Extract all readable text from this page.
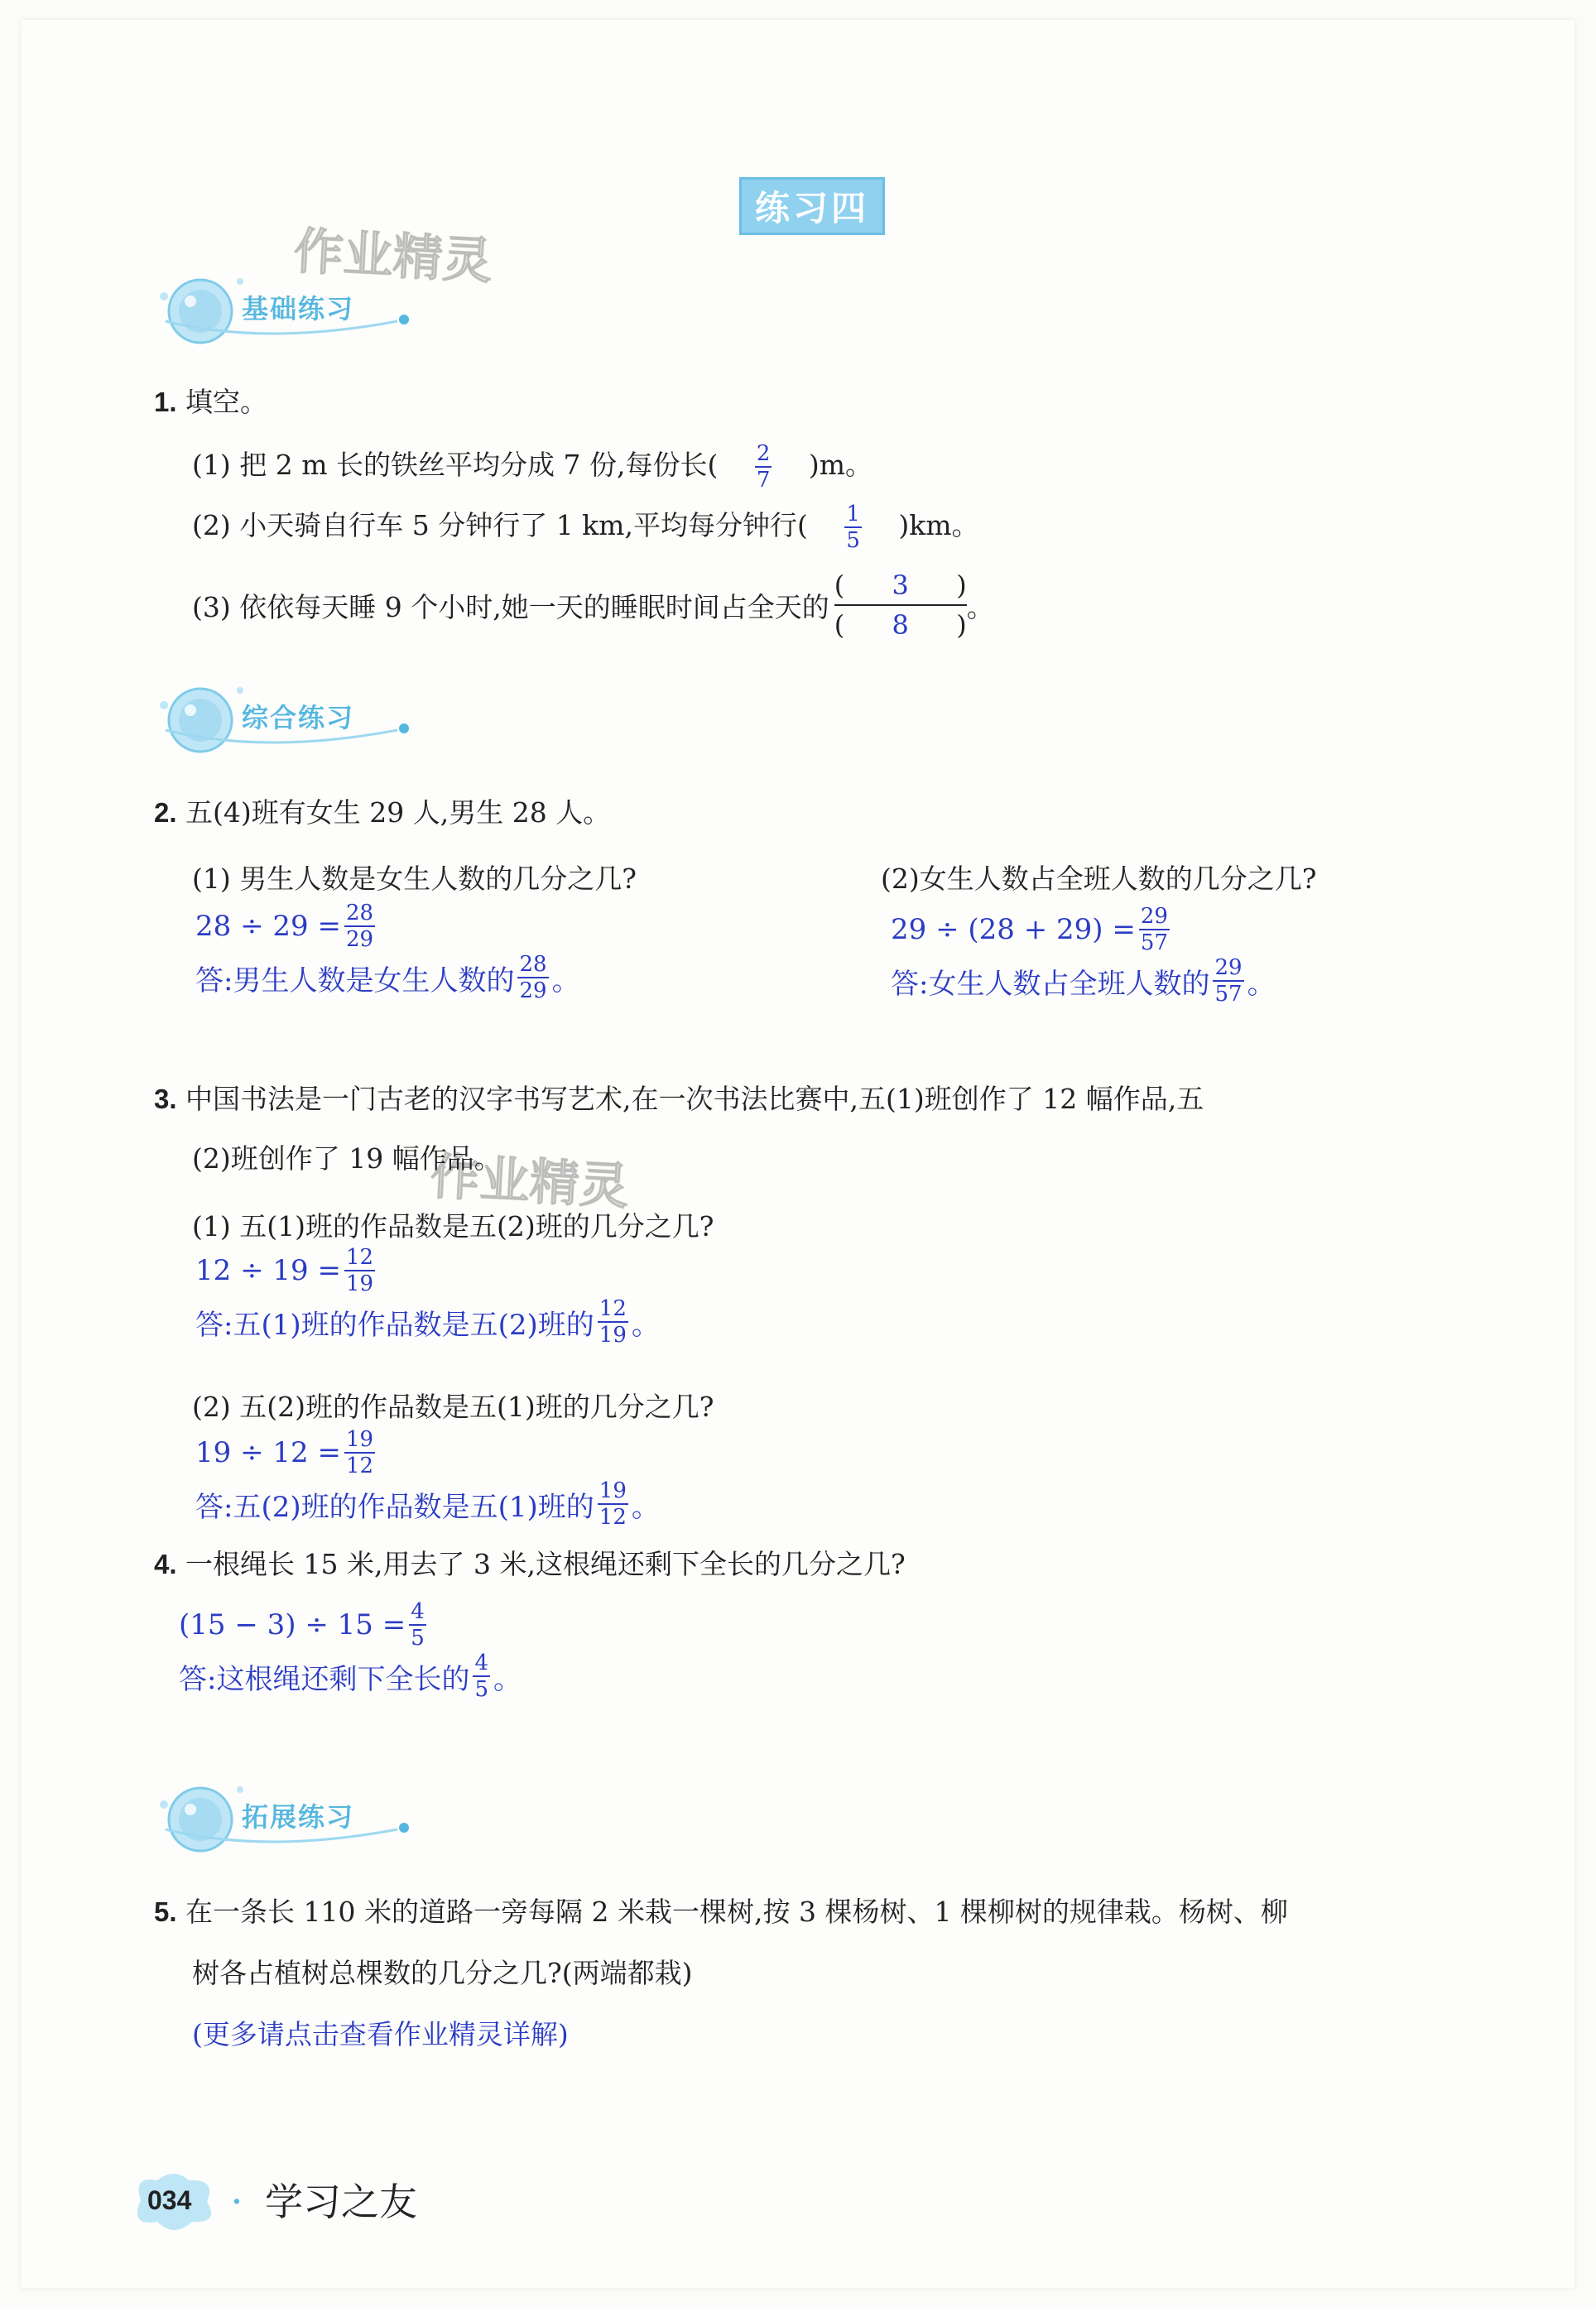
练习四
作业精灵
作业精灵
基础练习
1. 填空。
(1) 把 2 m 长的铁丝平均分成 7 份,每份长( $\frac{2}{7} )m$。
(2) 小天骑自行车 5 分钟行了 1 km,平均每分钟行( $\frac{1}{5} )km$。
(3) 依依每天睡 9 个小时,她一天的睡眠时间占全天的
( 3 )
( 8 )
。
综合练习
2. 五(4)班有女生 29 人,男生 28 人。
(1) 男生人数是女生人数的几分之几?
$28 \div 29 = \frac{28}{29}$
答:男生人数是女生人数的 $\frac{28}{29}$ 。
(2)女生人数占全班人数的几分之几?
$29 \div (28 + 29) = \frac{29}{57}$
答:女生人数占全班人数的 $\frac{29}{57}$ 。
3. 中国书法是一门古老的汉字书写艺术,在一次书法比赛中,五(1)班创作了 12 幅作品,五
(2)班创作了 19 幅作品。
(1) 五(1)班的作品数是五(2)班的几分之几?
$12 \div 19 = \frac{12}{19}$
答:五(1)班的作品数是五(2)班的 $\frac{12}{19}$ 。
(2) 五(2)班的作品数是五(1)班的几分之几?
$19 \div 12 = \frac{19}{12}$
答:五(2)班的作品数是五(1)班的 $\frac{19}{12}$ 。
4. 一根绳长 15 米,用去了 3 米,这根绳还剩下全长的几分之几?
$(15 - 3) \div 15 = \frac{4}{5}$
答:这根绳还剩下全长的 $\frac{4}{5}$ 。
拓展练习
5. 在一条长 110 米的道路一旁每隔 2 米栽一棵树,按 3 棵杨树、1 棵柳树的规律栽。杨树、柳
树各占植树总棵数的几分之几?(两端都栽)
(更多请点击查看作业精灵详解)
034 · 学习之友
